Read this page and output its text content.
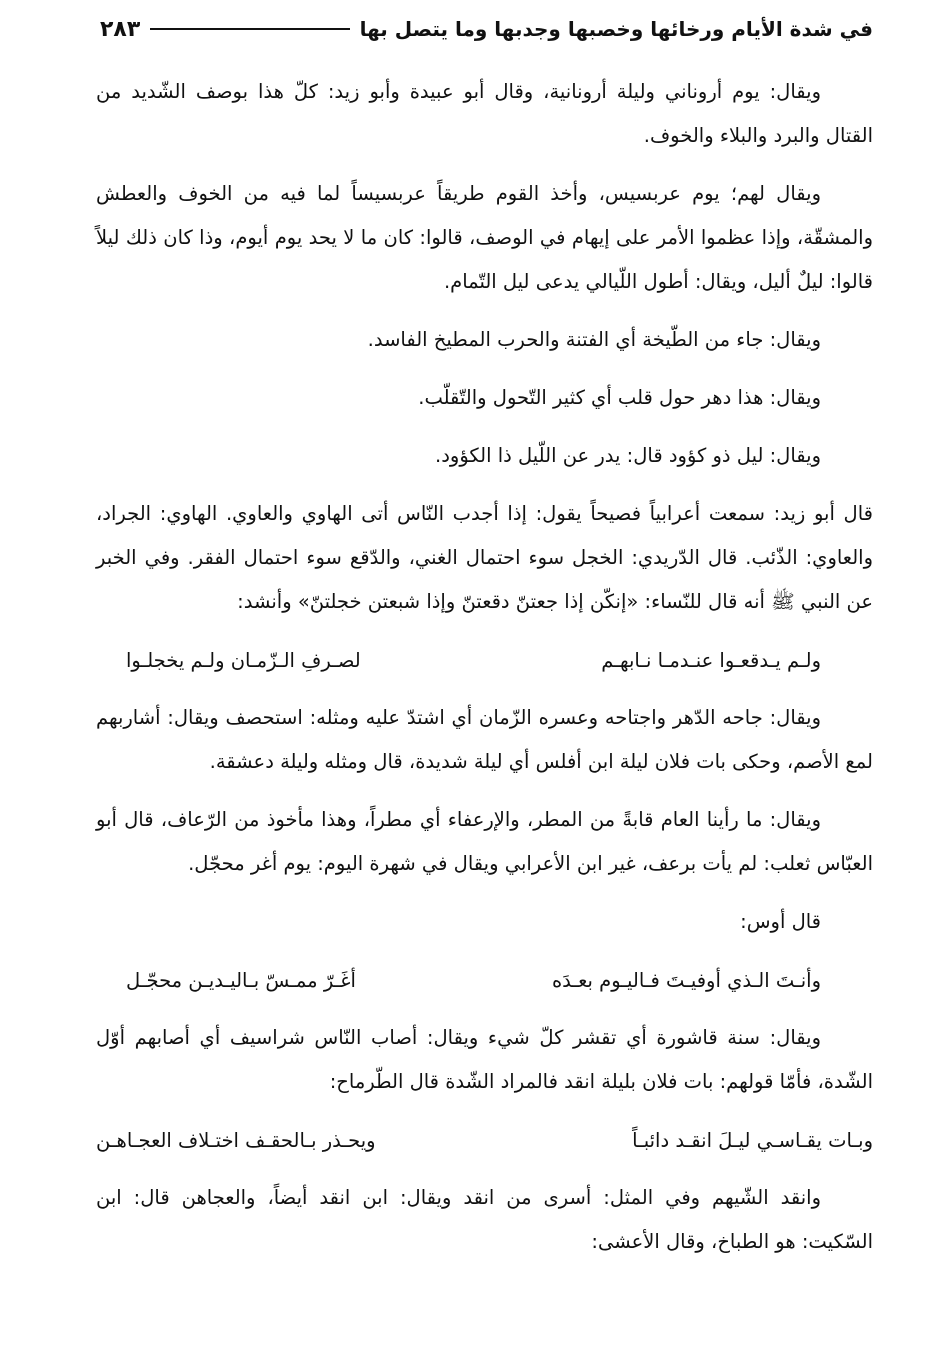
في شدة الأيام ورخائها وخصبها وجدبها وما يتصل بها
٢٨٣

ويقال: يوم أروناني وليلة أرونانية، وقال أبو عبيدة وأبو زيد: كلّ هذا بوصف الشّديد من القتال والبرد والبلاء والخوف.

ويقال لهم؛ يوم عربسيس، وأخذ القوم طريقاً عربسيساً لما فيه من الخوف والعطش والمشقّة، وإذا عظموا الأمر على إيهام في الوصف، قالوا: كان ما لا يحد يوم أيوم، وذا كان ذلك ليلاً قالوا: ليلٌ أليل، ويقال: أطول اللّيالي يدعى ليل التّمام.

ويقال: جاء من الطّيخة أي الفتنة والحرب المطيخ الفاسد.

ويقال: هذا دهر حول قلب أي كثير التّحول والتّقلّب.

ويقال: ليل ذو كؤود قال: يدر عن اللّيل ذا الكؤود.

قال أبو زيد: سمعت أعرابياً فصيحاً يقول: إذا أجدب النّاس أتى الهاوي والعاوي. الهاوي: الجراد، والعاوي: الذّئب. قال الدّريدي: الخجل سوء احتمال الغني، والدّقع سوء احتمال الفقر. وفي الخبر عن النبي ﷺ أنه قال للنّساء: «إنكّن إذا جعتنّ دقعتنّ وإذا شبعتن خجلتنّ» وأنشد:

ولـم يـدقعـوا عنـدمـا نـابهـم
لصـرفِ الـزّمـان ولـم يخجلـوا

ويقال: جاحه الدّهر واجتاحه وعسره الزّمان أي اشتدّ عليه ومثله: استحصف ويقال: أشاربهم لمع الأصم، وحكى بات فلان ليلة ابن أفلس أي ليلة شديدة، قال ومثله وليلة دعشقة.

ويقال: ما رأينا العام قابةً من المطر، والإرعفاء أي مطراً، وهذا مأخوذ من الرّعاف، قال أبو العبّاس ثعلب: لم يأت برعف، غير ابن الأعرابي ويقال في شهرة اليوم: يوم أغر محجّل.

قال أوس:

وأنـتَ الـذي أوفيـتَ فـاليـوم بعـدَه
أغَـرّ ممـسّ بـاليـديـن محجّـل

ويقال: سنة قاشورة أي تقشر كلّ شيء ويقال: أصاب النّاس شراسيف أي أصابهم أوّل الشّدة، فأمّا قولهم: بات فلان بليلة انقد فالمراد الشّدة قال الطّرماح:

وبـات يقـاسـي ليـلَ انقـد دائبـاً
ويحـذر بـالحقـف اختـلاف العجـاهـن

وانقد الشّيهم وفي المثل: أسرى من انقد ويقال: ابن انقد أيضاً، والعجاهن قال: ابن السّكيت: هو الطباخ، وقال الأعشى:
